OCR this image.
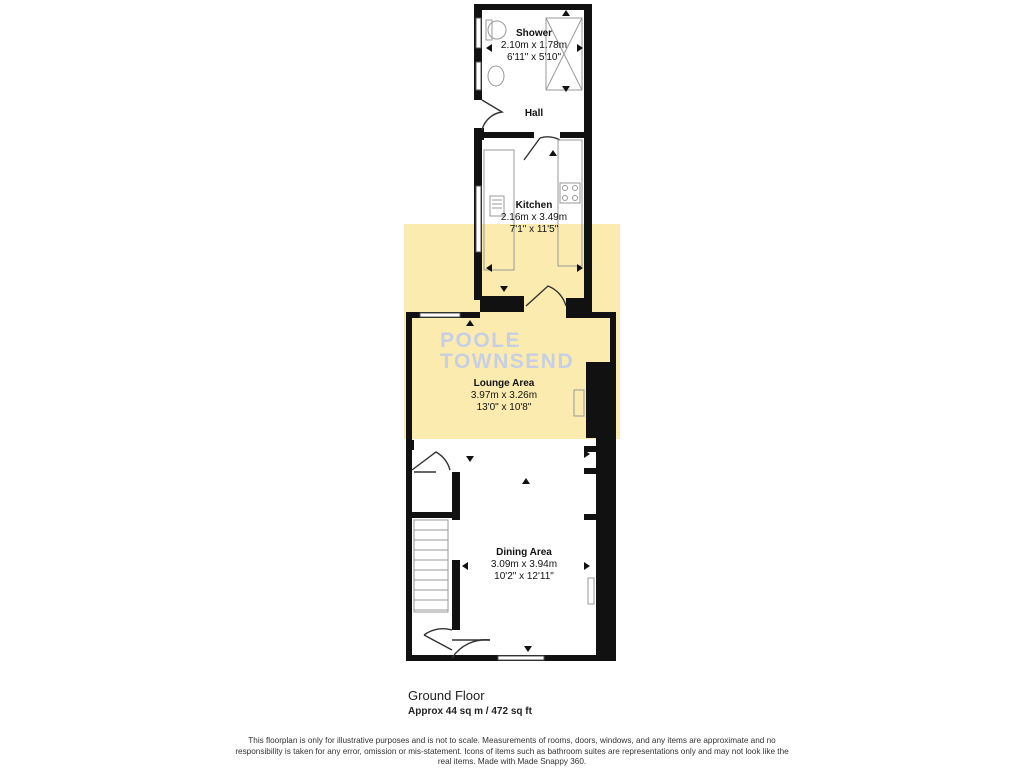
POOLE
TOWNSEND
Shower
2.10m x 1.78m
6'11" x 5'10"
Hall
Kitchen
2.16m x 3.49m
7'1" x 11'5"
Lounge Area
3.97m x 3.26m
13'0" x 10'8"
Dining Area
3.09m x 3.94m
10'2" x 12'11"
Ground Floor
Approx 44 sq m / 472 sq ft
This floorplan is only for illustrative purposes and is not to scale. Measurements of rooms, doors, windows, and any items are approximate and no responsibility is taken for any error, omission or mis-statement. Icons of items such as bathroom suites are representations only and may not look like the real items. Made with Made Snappy 360.
